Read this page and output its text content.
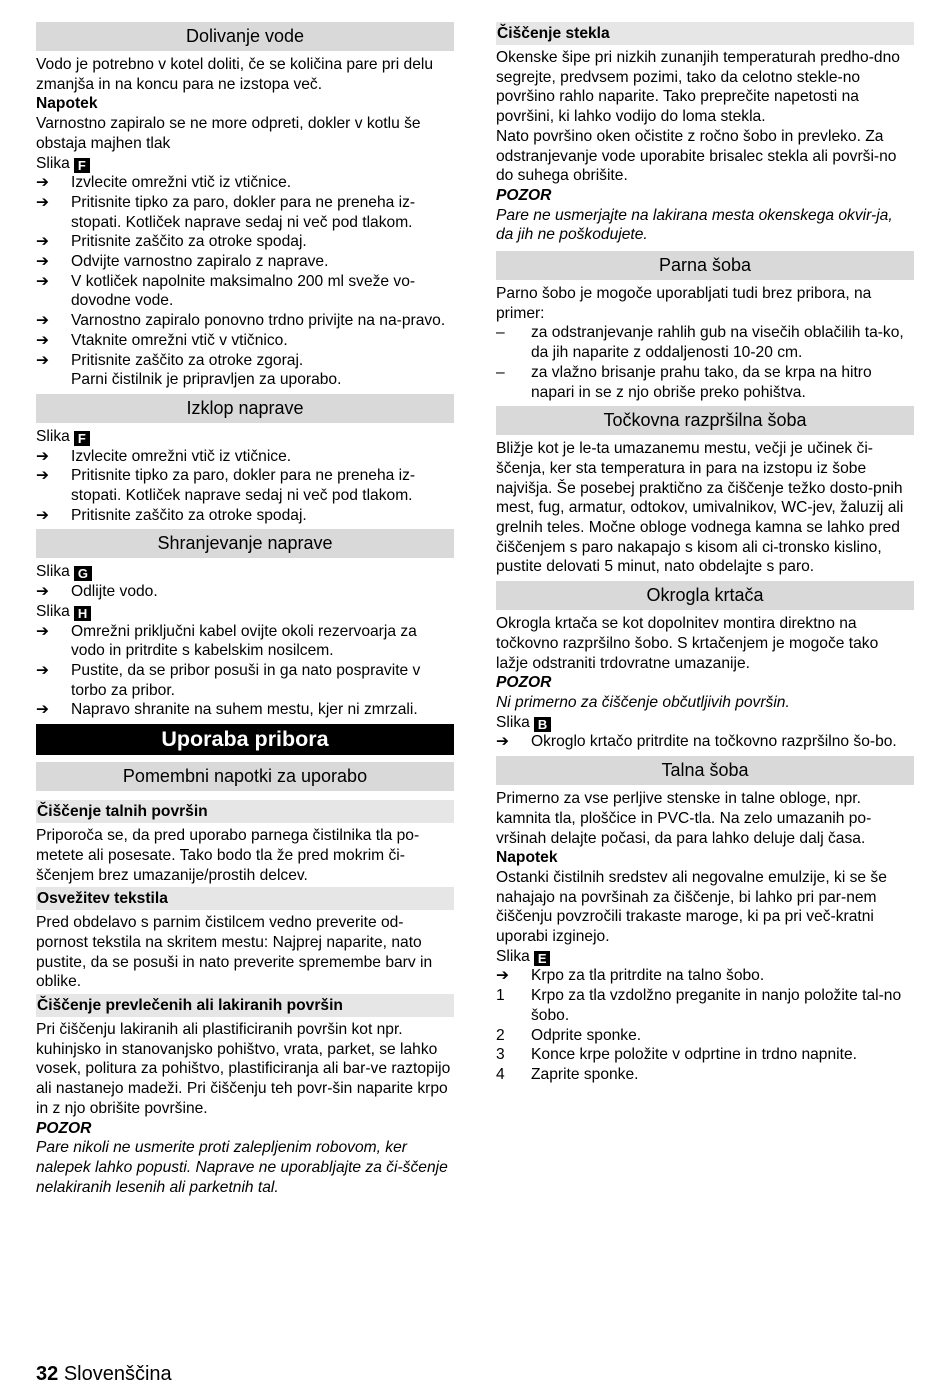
Dolivanje vode
Vodo je potrebno v kotel doliti, če se količina pare pri delu zmanjša in na koncu para ne izstopa več.
Napotek
Varnostno zapiralo se ne more odpreti, dokler v kotlu še obstaja majhen tlak
Slika F
➔ Izvlecite omrežni vtič iz vtičnice.
➔ Pritisnite tipko za paro, dokler para ne preneha iz-stopati. Kotliček naprave sedaj ni več pod tlakom.
➔ Pritisnite zaščito za otroke spodaj.
➔ Odvijte varnostno zapiralo z naprave.
➔ V kotliček napolnite maksimalno 200 ml sveže vo-dovodne vode.
➔ Varnostno zapiralo ponovno trdno privijte na na-pravo.
➔ Vtaknite omrežni vtič v vtičnico.
➔ Pritisnite zaščito za otroke zgoraj.
Parni čistilnik je pripravljen za uporabo.
Izklop naprave
Slika F
➔ Izvlecite omrežni vtič iz vtičnice.
➔ Pritisnite tipko za paro, dokler para ne preneha iz-stopati. Kotliček naprave sedaj ni več pod tlakom.
➔ Pritisnite zaščito za otroke spodaj.
Shranjevanje naprave
Slika G
➔ Odlijte vodo.
Slika H
➔ Omrežni priključni kabel ovijte okoli rezervoarja za vodo in pritrdite s kabelskim nosilcem.
➔ Pustite, da se pribor posuši in ga nato pospravite v torbo za pribor.
➔ Napravo shranite na suhem mestu, kjer ni zmrzali.
Uporaba pribora
Pomembni napotki za uporabo
Čiščenje talnih površin
Priporoča se, da pred uporabo parnega čistilnika tla po-metete ali posesate. Tako bodo tla že pred mokrim či-ščenjem brez umazanije/prostih delcev.
Osvežitev tekstila
Pred obdelavo s parnim čistilcem vedno preverite od-pornost tekstila na skritem mestu: Najprej naparite, nato pustite, da se posuši in nato preverite spremembe barv in oblike.
Čiščenje prevlečenih ali lakiranih površin
Pri čiščenju lakiranih ali plastificiranih površin kot npr. kuhinjsko in stanovanjsko pohištvo, vrata, parket, se lahko vosek, politura za pohištvo, plastificiranja ali bar-ve raztopijo ali nastanejo madeži. Pri čiščenju teh povr-šin naparite krpo in z njo obrišite površine.
POZOR
Pare nikoli ne usmerite proti zalepljenim robovom, ker nalepek lahko popusti. Naprave ne uporabljajte za či-ščenje nelakiranih lesenih ali parketnih tal.
Čiščenje stekla
Okenske šipe pri nizkih zunanjih temperaturah predho-dno segrejte, predvsem pozimi, tako da celotno steklе-no površino rahlo naparite. Tako preprečite napetosti na površini, ki lahko vodijo do loma stekla.
Nato površino oken očistite z ročno šobo in prevleko. Za odstranjevanje vode uporabite brisalec stekla ali površi-no do suhega obrišite.
POZOR
Pare ne usmerjajte na lakirana mesta okenskega okvir-ja, da jih ne poškodujete.
Parna šoba
Parno šobo je mogoče uporabljati tudi brez pribora, na primer:
– za odstranjevanje rahlih gub na visečih oblačilih ta-ko, da jih naparite z oddaljenosti 10-20 cm.
– za vlažno brisanje prahu tako, da se krpa na hitro napari in se z njo obriše preko pohištva.
Točkovna razpršilna šoba
Bližje kot je le-ta umazanemu mestu, večji je učinek či-ščenja, ker sta temperatura in para na izstopu iz šobe najvišja. Še posebej praktično za čiščenje težko dosto-pnih mest, fug, armatur, odtokov, umivalnikov, WC-jev, žaluzij ali grelnih teles. Močne obloge vodnega kamna se lahko pred čiščenjem s paro nakapajo s kisom ali ci-tronsko kislino, pustite delovati 5 minut, nato obdelajte s paro.
Okrogla krtača
Okrogla krtača se kot dopolnitev montira direktno na točkovno razpršilno šobo. S krtačenjem je mogoče tako lažje odstraniti trdovratne umazanije.
POZOR
Ni primerno za čiščenje občutljivih površin.
Slika B
➔ Okroglo krtačo pritrdite na točkovno razpršilno šo-bo.
Talna šoba
Primerno za vse perljive stenske in talne obloge, npr. kamnita tla, ploščice in PVC-tla. Na zelo umazanih po-vršinah delajte počasi, da para lahko deluje dalj časa.
Napotek
Ostanki čistilnih sredstev ali negovalne emulzije, ki se še nahajajo na površinah za čiščenje, bi lahko pri par-nem čiščenju povzročili trakaste maroge, ki pa pri več-kratni uporabi izginejo.
Slika E
➔ Krpo za tla pritrdite na talno šobo.
1 Krpo za tla vzdolžno preganite in nanjo položite tal-no šobo.
2 Odprite sponke.
3 Konce krpe položite v odprtine in trdno napnite.
4 Zaprite sponke.
32 Slovenščina
